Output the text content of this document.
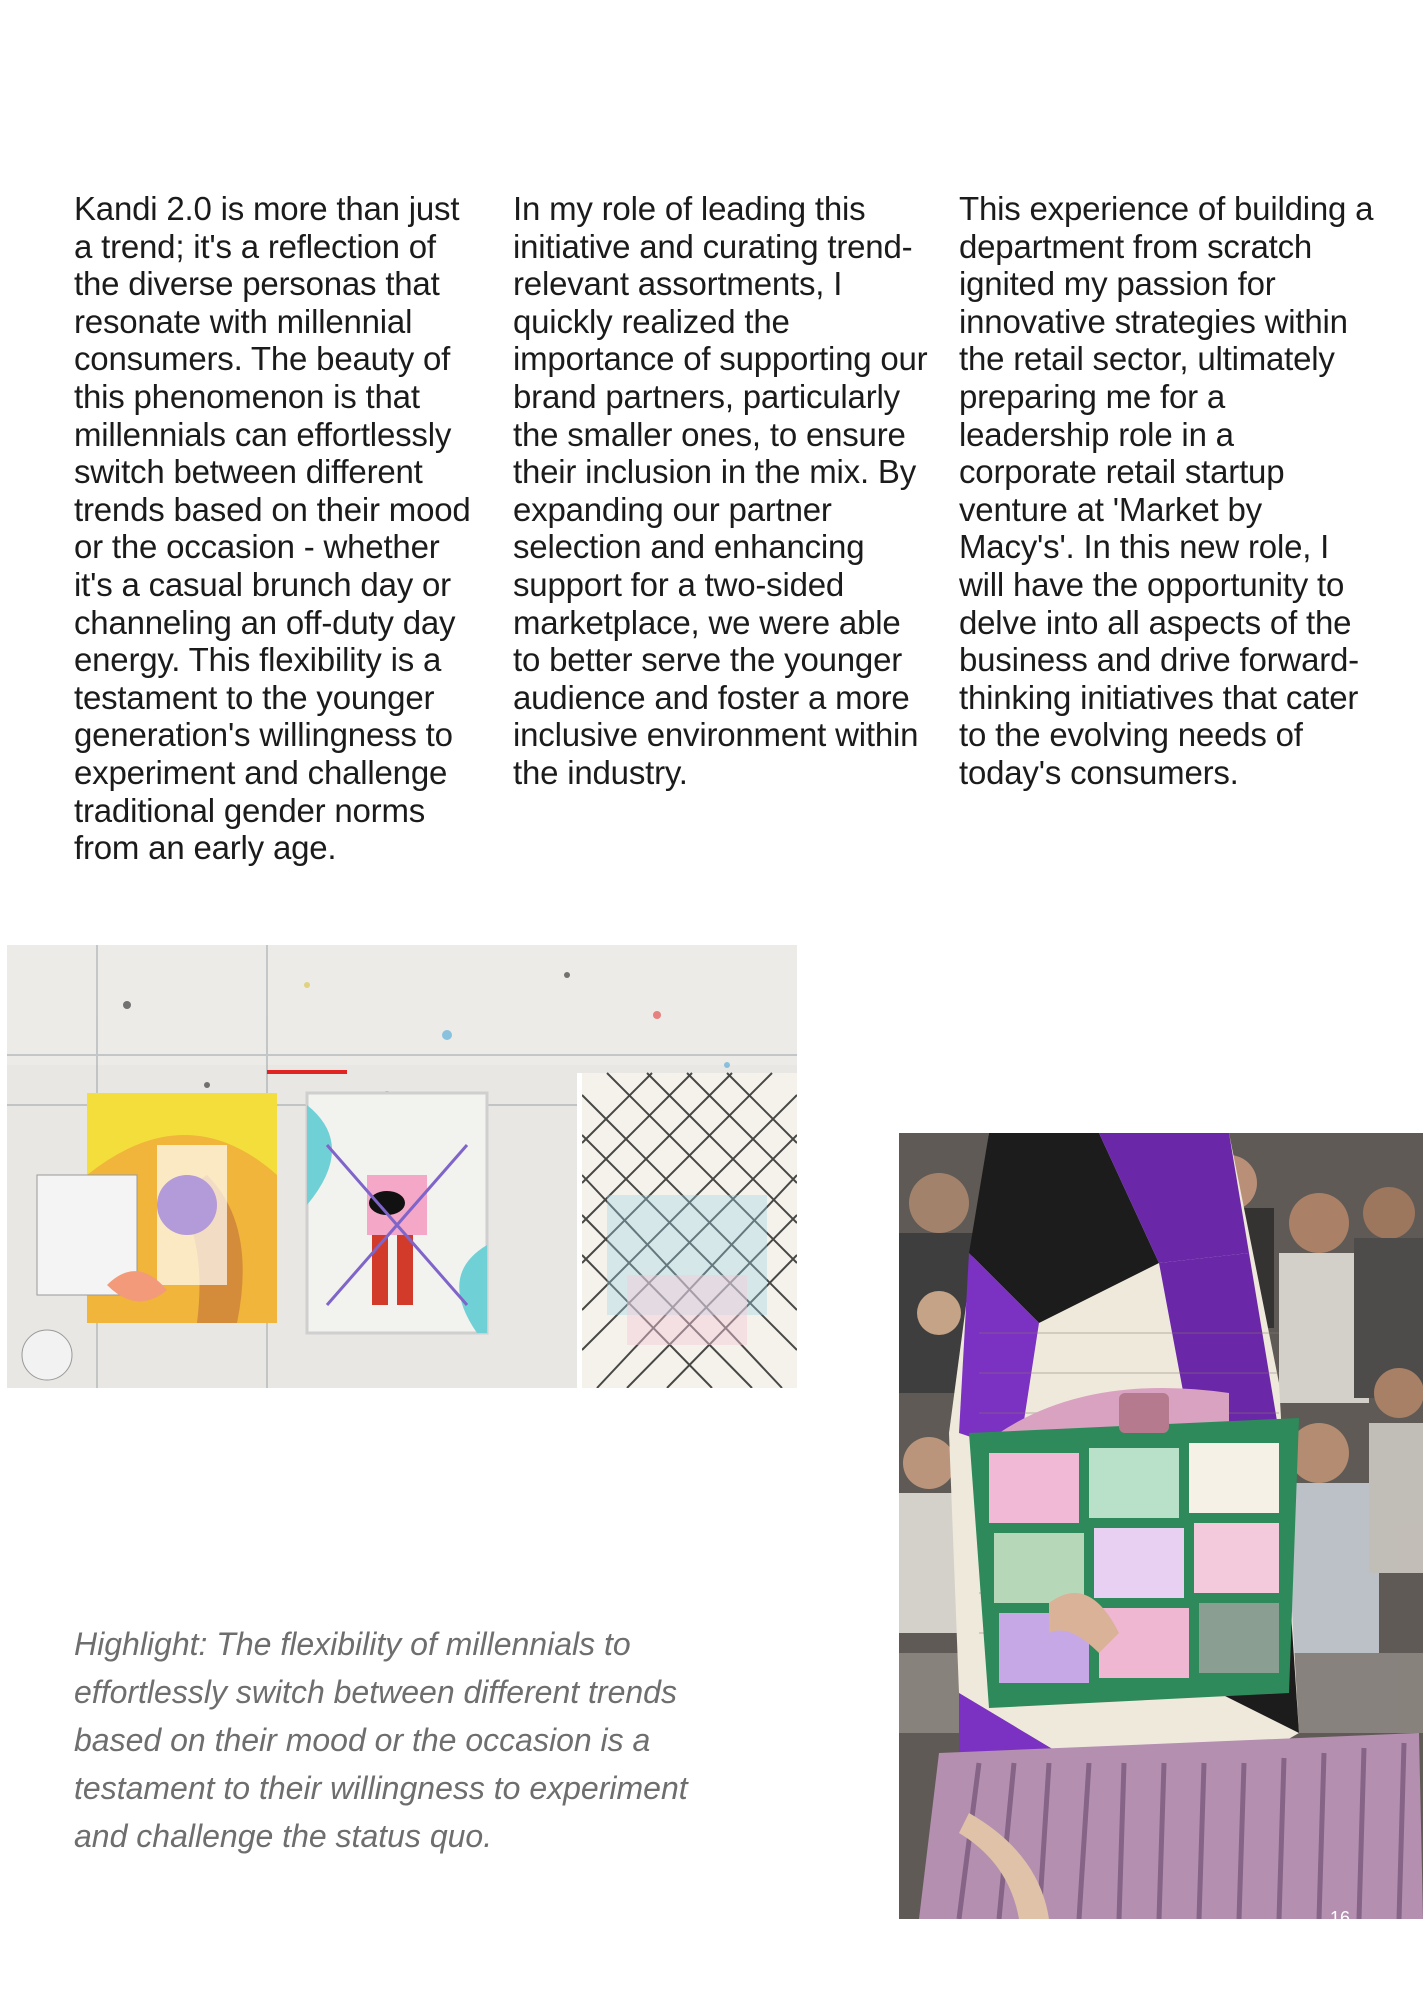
Kandi 2.0 is more than just a trend; it's a reflection of the diverse personas that resonate with millennial consumers. The beauty of this phenomenon is that millennials can effortlessly switch between different trends based on their mood or the occasion - whether it's a casual brunch day or channeling an off-duty day energy. This flexibility is a testament to the younger generation's willingness to experiment and challenge traditional gender norms from an early age.
In my role of leading this initiative and curating trend-relevant assortments, I quickly realized the importance of supporting our brand partners, particularly the smaller ones, to ensure their inclusion in the mix. By expanding our partner selection and enhancing support for a two-sided marketplace, we were able to better serve the younger audience and foster a more inclusive environment within the industry.
This experience of building a department from scratch ignited my passion for innovative strategies within the retail sector, ultimately preparing me for a leadership role in a corporate retail startup venture at 'Market by Macy's'. In this new role, I will have the opportunity to delve into all aspects of the business and drive forward-thinking initiatives that cater to the evolving needs of today's consumers.
Highlight: The flexibility of millennials to effortlessly switch between different trends based on their mood or the occasion is a testament to their willingness to experiment and challenge the status quo.
16
